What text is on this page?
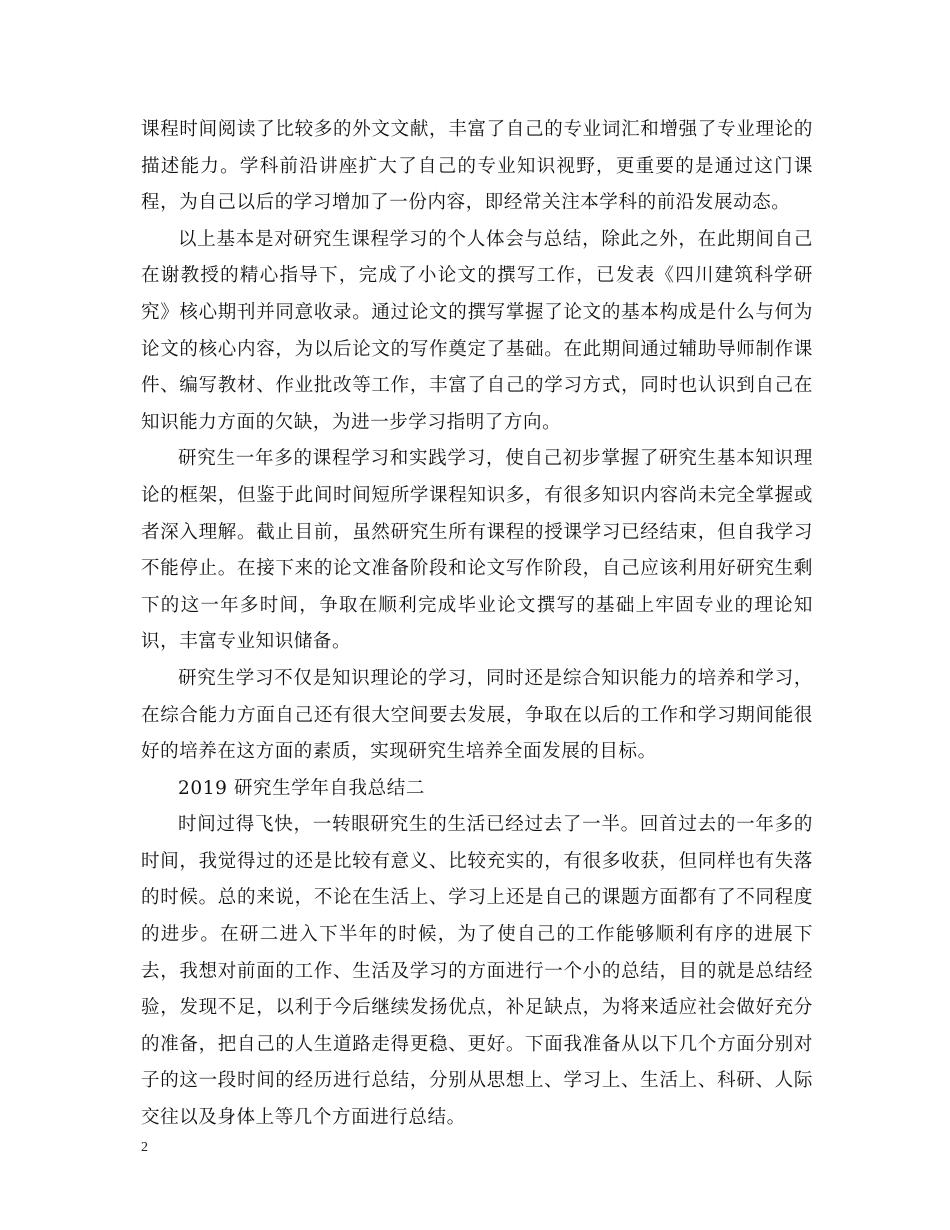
课程时间阅读了比较多的外文文献，丰富了自己的专业词汇和增强了专业理论的描述能力。学科前沿讲座扩大了自己的专业知识视野，更重要的是通过这门课程，为自己以后的学习增加了一份内容，即经常关注本学科的前沿发展动态。

以上基本是对研究生课程学习的个人体会与总结，除此之外，在此期间自己在谢教授的精心指导下，完成了小论文的撰写工作，已发表《四川建筑科学研究》核心期刊并同意收录。通过论文的撰写掌握了论文的基本构成是什么与何为论文的核心内容，为以后论文的写作奠定了基础。在此期间通过辅助导师制作课件、编写教材、作业批改等工作，丰富了自己的学习方式，同时也认识到自己在知识能力方面的欠缺，为进一步学习指明了方向。

研究生一年多的课程学习和实践学习，使自己初步掌握了研究生基本知识理论的框架，但鉴于此间时间短所学课程知识多，有很多知识内容尚未完全掌握或者深入理解。截止目前，虽然研究生所有课程的授课学习已经结束，但自我学习不能停止。在接下来的论文准备阶段和论文写作阶段，自己应该利用好研究生剩下的这一年多时间，争取在顺利完成毕业论文撰写的基础上牢固专业的理论知识，丰富专业知识储备。

研究生学习不仅是知识理论的学习，同时还是综合知识能力的培养和学习，在综合能力方面自己还有很大空间要去发展，争取在以后的工作和学习期间能很好的培养在这方面的素质，实现研究生培养全面发展的目标。

2019 研究生学年自我总结二

时间过得飞快，一转眼研究生的生活已经过去了一半。回首过去的一年多的时间，我觉得过的还是比较有意义、比较充实的，有很多收获，但同样也有失落的时候。总的来说，不论在生活上、学习上还是自己的课题方面都有了不同程度的进步。在研二进入下半年的时候，为了使自己的工作能够顺利有序的进展下去，我想对前面的工作、生活及学习的方面进行一个小的总结，目的就是总结经验，发现不足，以利于今后继续发扬优点，补足缺点，为将来适应社会做好充分的准备，把自己的人生道路走得更稳、更好。下面我准备从以下几个方面分别对子的这一段时间的经历进行总结，分别从思想上、学习上、生活上、科研、人际交往以及身体上等几个方面进行总结。

2
